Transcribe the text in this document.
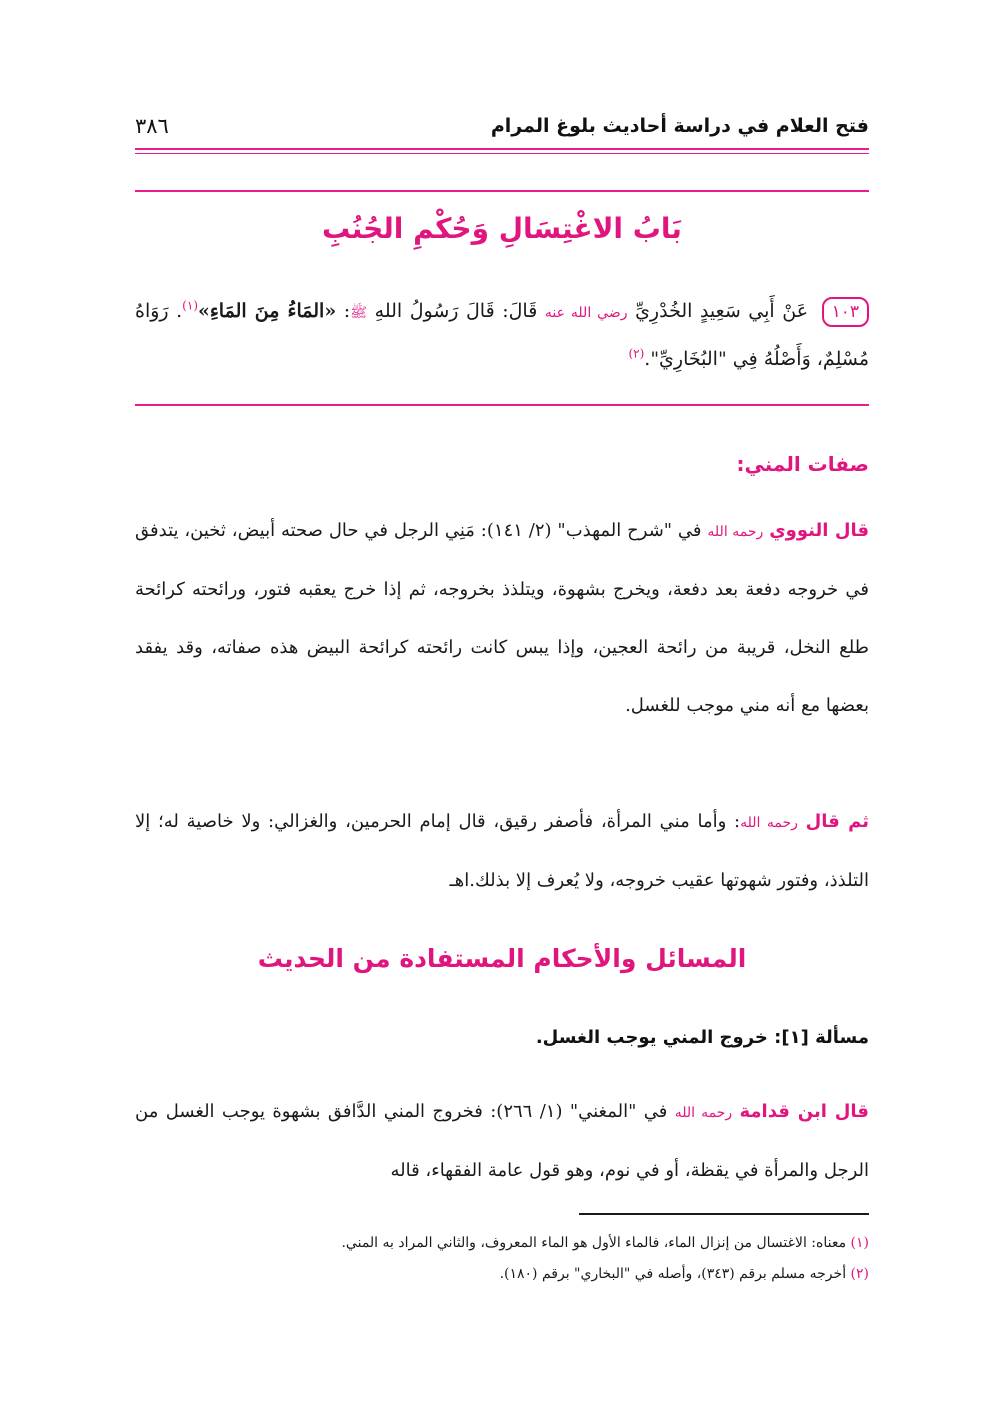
فتح العلام في دراسة أحاديث بلوغ المرام
٣٨٦
بَابُ الاغْتِسَالِ وَحُكْمِ الجُنُبِ
١٠٣ عَنْ أَبِي سَعِيدٍ الخُدْرِيِّ رضي الله عنه قَالَ: قَالَ رَسُولُ اللهِ ﷺ: «المَاءُ مِنَ المَاءِ»$^{(١)}$. رَوَاهُ مُسْلِمٌ، وَأَصْلُهُ فِي "البُخَارِيِّ".$^{(٢)}$
صفات المني:
قال النووي رحمه الله في "شرح المهذب" (٢/ ١٤١): مَنِي الرجل في حال صحته أبيض، ثخين، يتدفق في خروجه دفعة بعد دفعة، ويخرج بشهوة، ويتلذذ بخروجه، ثم إذا خرج يعقبه فتور، ورائحته كرائحة طلع النخل، قريبة من رائحة العجين، وإذا يبس كانت رائحته كرائحة البيض هذه صفاته، وقد يفقد بعضها مع أنه مني موجب للغسل.
ثم قال رحمه الله: وأما مني المرأة، فأصفر رقيق، قال إمام الحرمين، والغزالي: ولا خاصية له؛ إلا التلذذ، وفتور شهوتها عقيب خروجه، ولا يُعرف إلا بذلك.اهـ
المسائل والأحكام المستفادة من الحديث
مسألة [١]: خروج المني يوجب الغسل.
قال ابن قدامة رحمه الله في "المغني" (١/ ٢٦٦): فخروج المني الدَّافق بشهوة يوجب الغسل من الرجل والمرأة في يقظة، أو في نوم، وهو قول عامة الفقهاء، قاله
(١) معناه: الاغتسال من إنزال الماء، فالماء الأول هو الماء المعروف، والثاني المراد به المني.
(٢) أخرجه مسلم برقم (٣٤٣)، وأصله في "البخاري" برقم (١٨٠).
